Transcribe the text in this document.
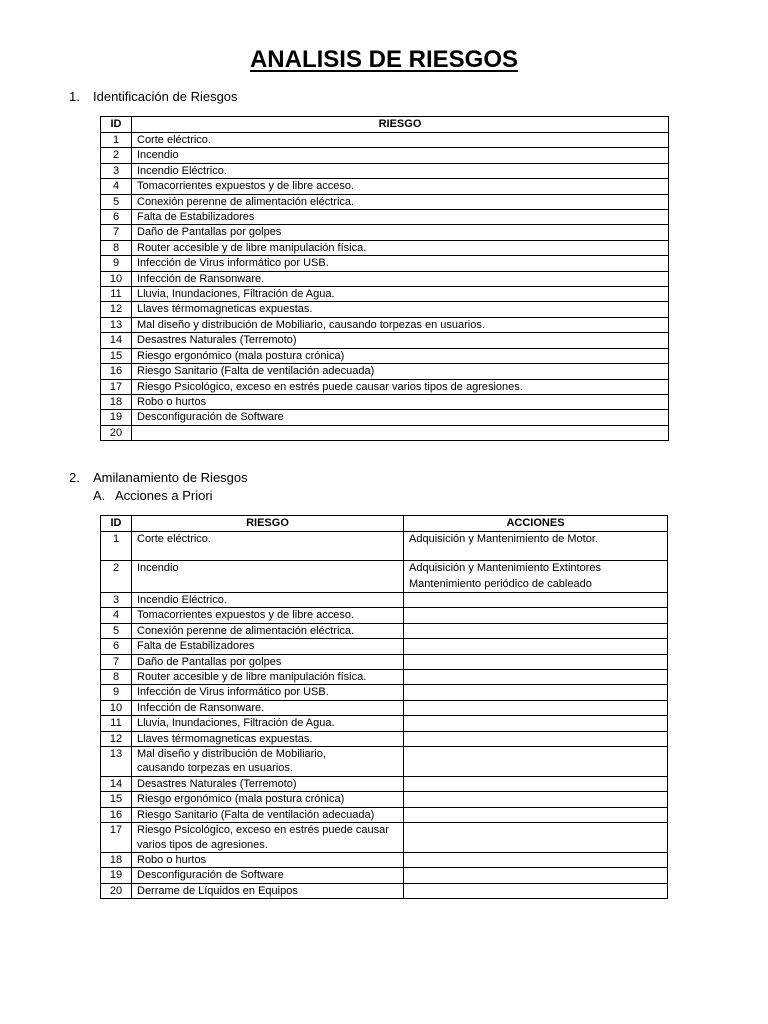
ANALISIS DE RIESGOS
1. Identificación de Riesgos
ID	RIESGO
1	Corte eléctrico.
2	Incendio
3	Incendio Eléctrico.
4	Tomacorrientes expuestos y de libre acceso.
5	Conexión perenne de alimentación eléctrica.
6	Falta de Estabilizadores
7	Daño de Pantallas por golpes
8	Router accesible y de libre manipulación física.
9	Infección de Virus informático por USB.
10	Infección de Ransonware.
11	Lluvia, Inundaciones, Filtración de Agua.
12	Llaves térmomagneticas expuestas.
13	Mal diseño y distribución de Mobiliario, causando torpezas en usuarios.
14	Desastres Naturales (Terremoto)
15	Riesgo ergonómico (mala postura crónica)
16	Riesgo Sanitario (Falta de ventilación adecuada)
17	Riesgo Psicológico, exceso en estrés puede causar varios tipos de agresiones.
18	Robo o hurtos
19	Desconfiguración de Software
20	
2. Amilanamiento de Riesgos
A. Acciones a Priori
ID	RIESGO	ACCIONES
1	Corte eléctrico.	Adquisición y Mantenimiento de Motor.

2	Incendio	Adquisición y Mantenimiento Extintores
Mantenimiento periódico de cableado

3	Incendio Eléctrico.	
4	Tomacorrientes expuestos y de libre acceso.	
5	Conexión perenne de alimentación eléctrica.	
6	Falta de Estabilizadores	
7	Daño de Pantallas por golpes	
8	Router accesible y de libre manipulación física.	
9	Infección de Virus informático por USB.	
10	Infección de Ransonware.	
11	Lluvia, Inundaciones, Filtración de Agua.	
12	Llaves térmomagneticas expuestas.	
13	Mal diseño y distribución de Mobiliario,
causando torpezas en usuarios.	

14	Desastres Naturales (Terremoto)	
15	Riesgo ergonómico (mala postura crónica)	
16	Riesgo Sanitario (Falta de ventilación adecuada)	
17	Riesgo Psicológico, exceso en estrés puede causar
varios tipos de agresiones.	

18	Robo o hurtos	
19	Desconfiguración de Software	
20	Derrame de Líquidos en Equipos	
